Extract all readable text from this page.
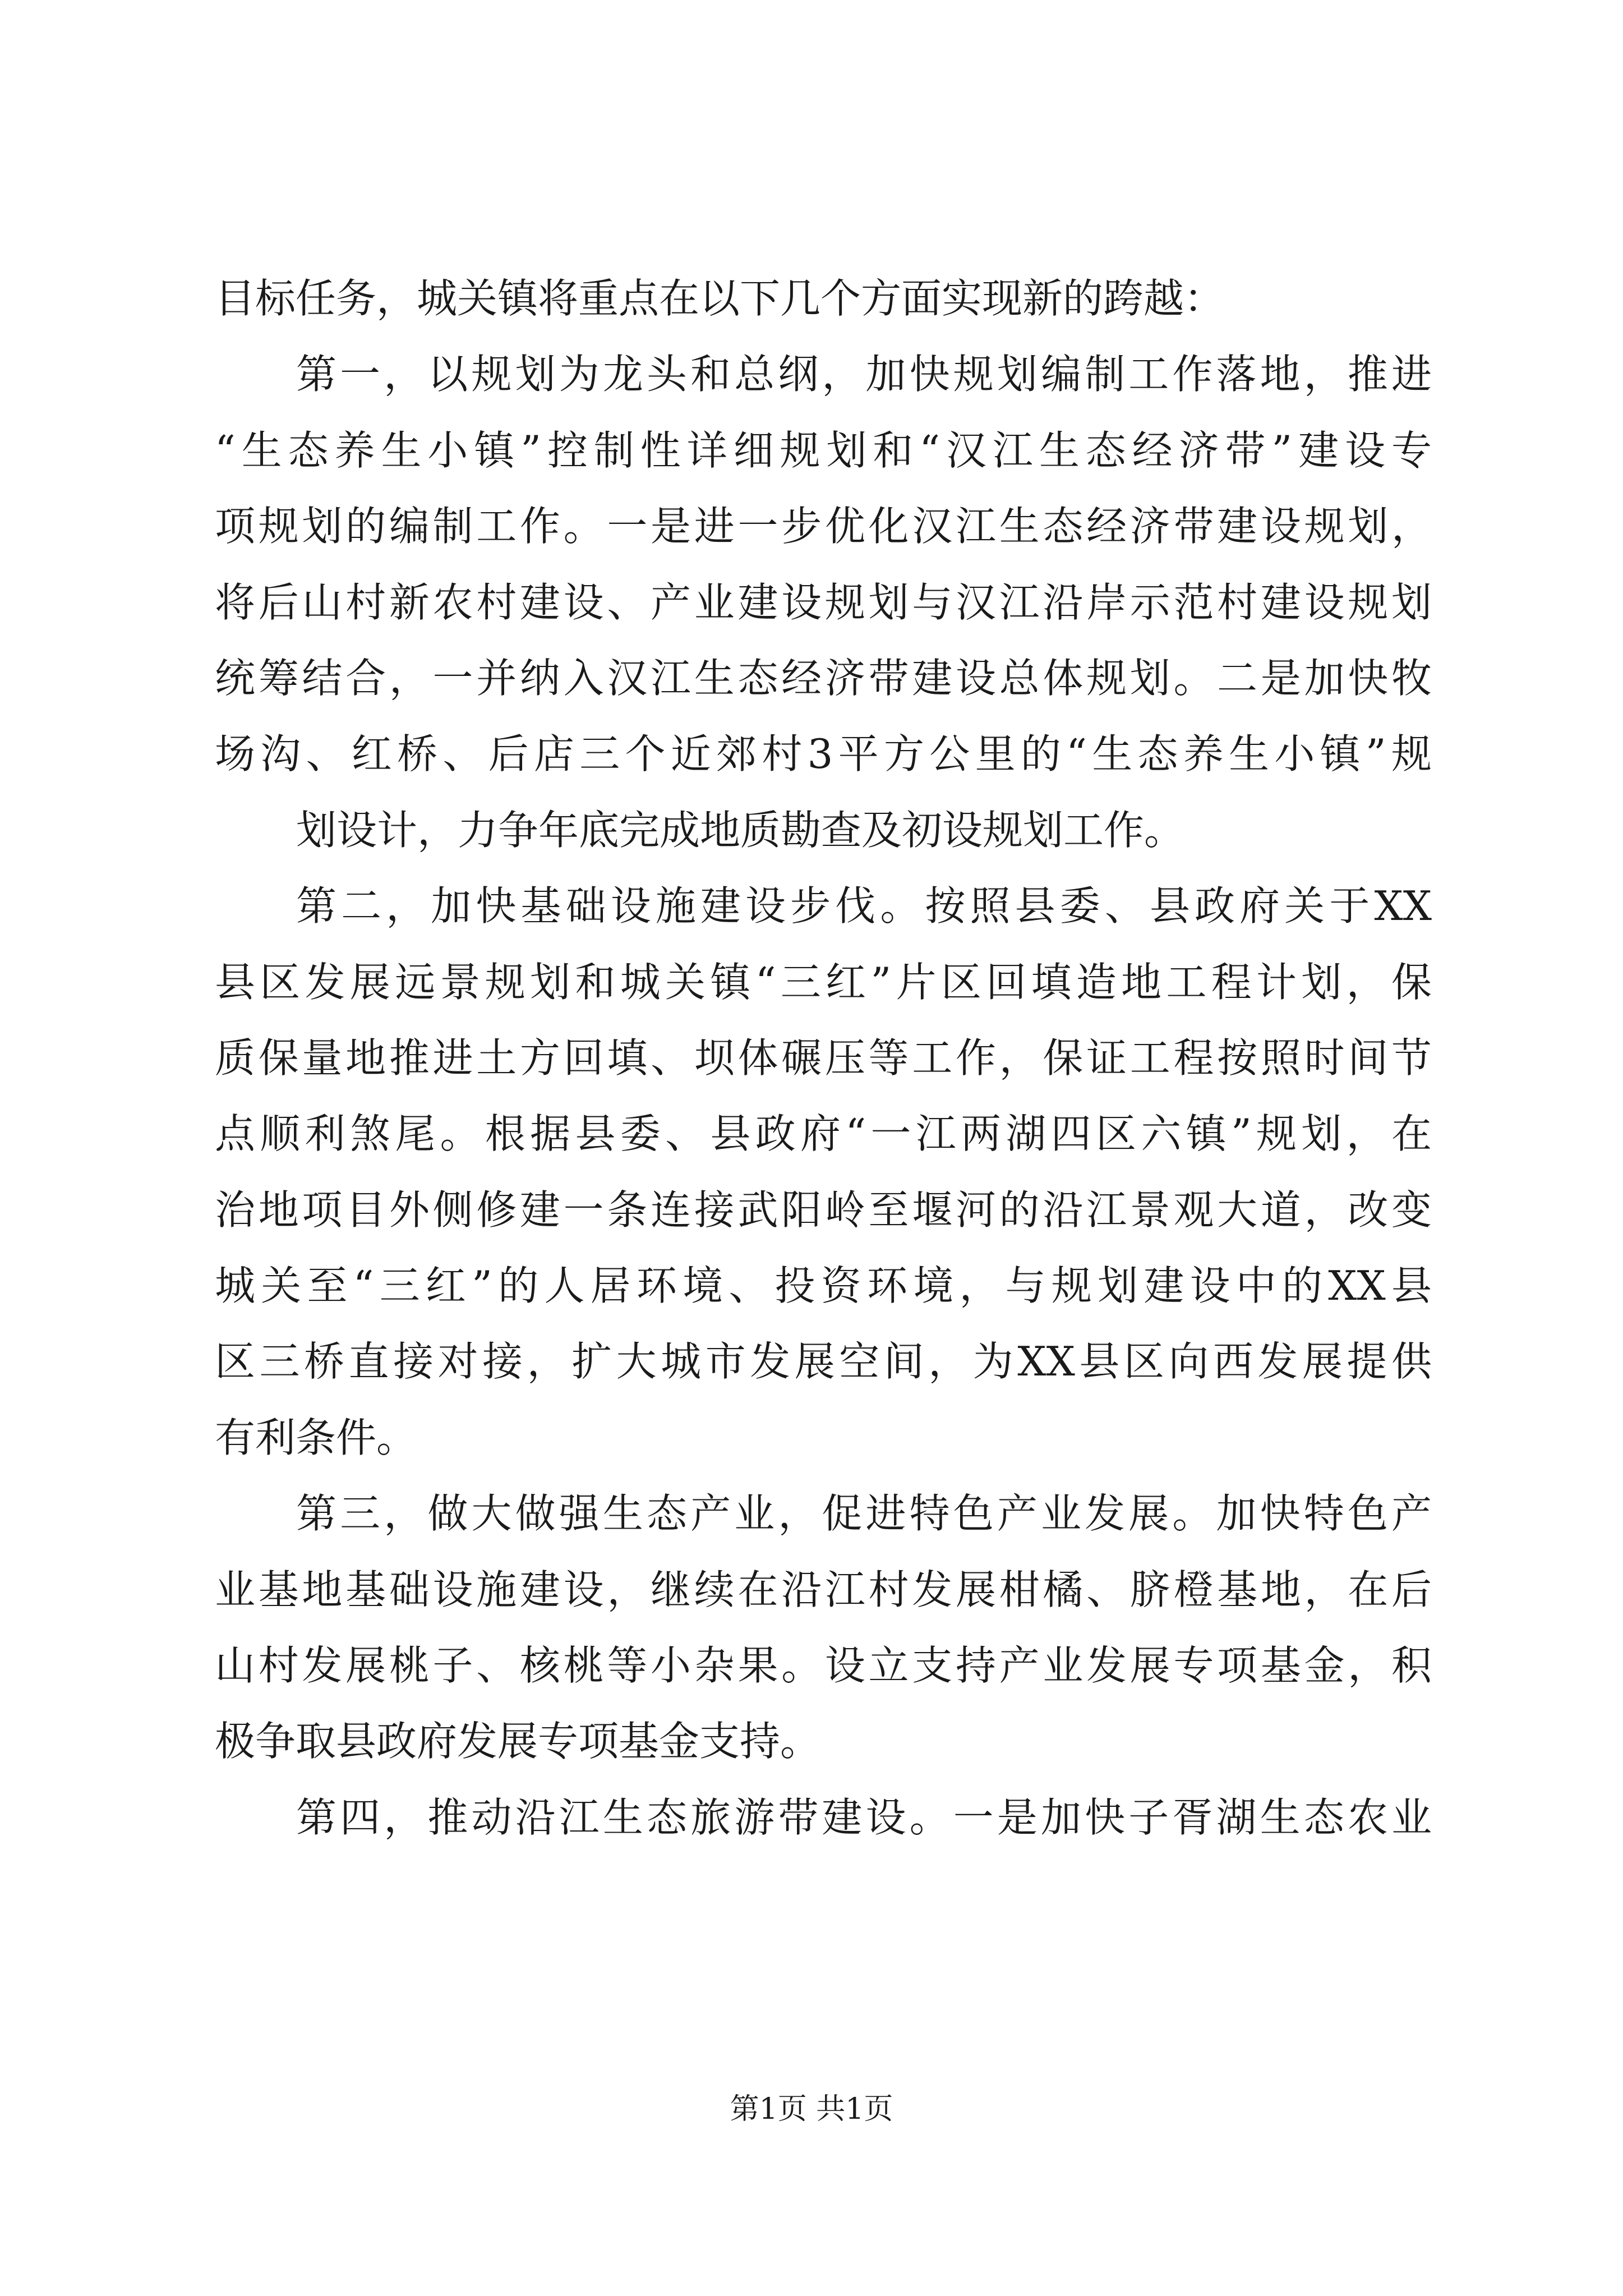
目标任务，城关镇将重点在以下几个方面实现新的跨越：
第一，以规划为龙头和总纲，加快规划编制工作落地，推进
“生态养生小镇”控制性详细规划和“汉江生态经济带”建设专
项规划的编制工作。一是进一步优化汉江生态经济带建设规划，
将后山村新农村建设、产业建设规划与汉江沿岸示范村建设规划
统筹结合，一并纳入汉江生态经济带建设总体规划。二是加快牧
场沟、红桥、后店三个近郊村3平方公里的“生态养生小镇”规
划设计，力争年底完成地质勘查及初设规划工作。
第二，加快基础设施建设步伐。按照县委、县政府关于XX
县区发展远景规划和城关镇“三红”片区回填造地工程计划，保
质保量地推进土方回填、坝体碾压等工作，保证工程按照时间节
点顺利煞尾。根据县委、县政府“一江两湖四区六镇”规划，在
治地项目外侧修建一条连接武阳岭至堰河的沿江景观大道，改变
城关至“三红”的人居环境、投资环境，与规划建设中的XX县
区三桥直接对接，扩大城市发展空间，为XX县区向西发展提供
有利条件。
第三，做大做强生态产业，促进特色产业发展。加快特色产
业基地基础设施建设，继续在沿江村发展柑橘、脐橙基地，在后
山村发展桃子、核桃等小杂果。设立支持产业发展专项基金，积
极争取县政府发展专项基金支持。
第四，推动沿江生态旅游带建设。一是加快子胥湖生态农业
第1页 共1页
